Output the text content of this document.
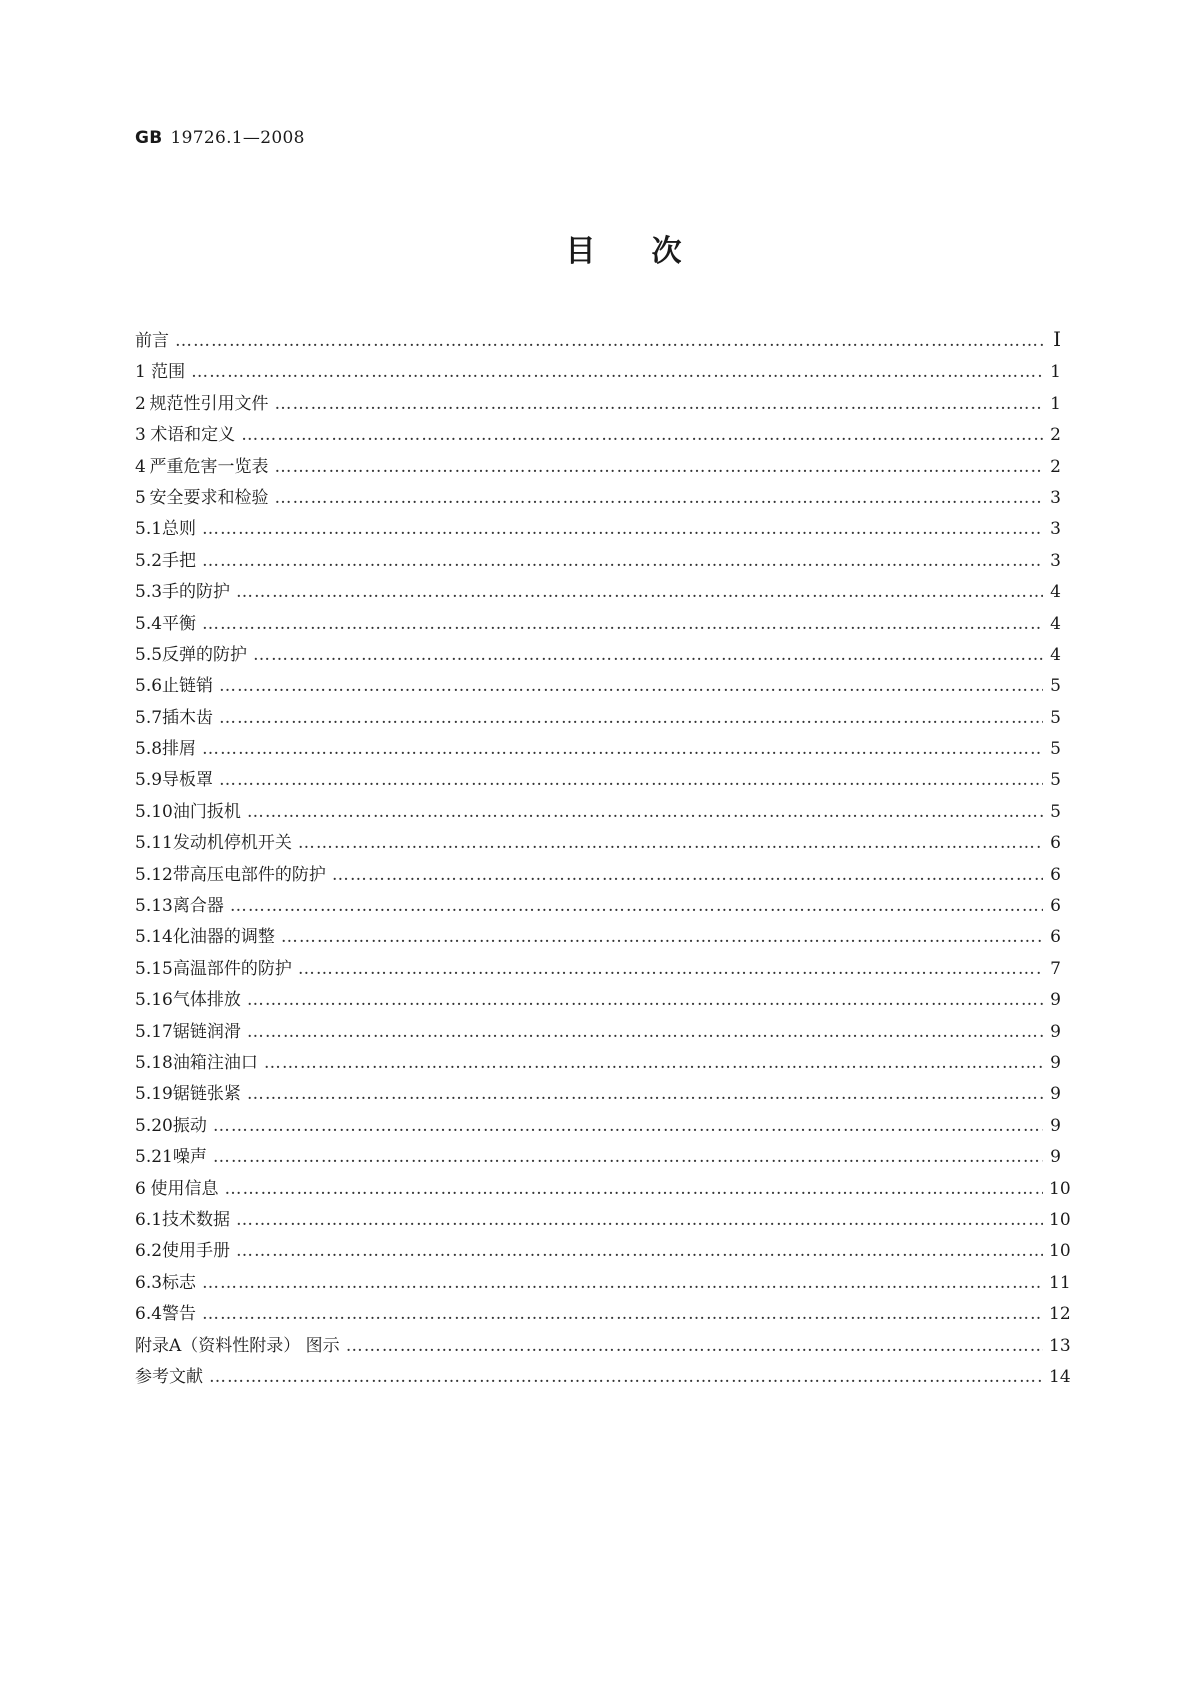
GB 19726.1—2008
目次
前言 …………………………………………………………………………………………………………………………………………………………………………………………………………………………………………	I
1 范围 …………………………………………………………………………………………………………………………………………………………………………………………………………………………………………	1
2 规范性引用文件 …………………………………………………………………………………………………………………………………………………………………………………………………………………………………………	1
3 术语和定义 …………………………………………………………………………………………………………………………………………………………………………………………………………………………………………	2
4 严重危害一览表 …………………………………………………………………………………………………………………………………………………………………………………………………………………………………………	2
5 安全要求和检验 …………………………………………………………………………………………………………………………………………………………………………………………………………………………………………	3
5.1 总则 …………………………………………………………………………………………………………………………………………………………………………………………………………………………………………	3
5.2 手把 …………………………………………………………………………………………………………………………………………………………………………………………………………………………………………	3
5.3 手的防护 …………………………………………………………………………………………………………………………………………………………………………………………………………………………………………	4
5.4 平衡 …………………………………………………………………………………………………………………………………………………………………………………………………………………………………………	4
5.5 反弹的防护 …………………………………………………………………………………………………………………………………………………………………………………………………………………………………………	4
5.6 止链销 …………………………………………………………………………………………………………………………………………………………………………………………………………………………………………	5
5.7 插木齿 …………………………………………………………………………………………………………………………………………………………………………………………………………………………………………	5
5.8 排屑 …………………………………………………………………………………………………………………………………………………………………………………………………………………………………………	5
5.9 导板罩 …………………………………………………………………………………………………………………………………………………………………………………………………………………………………………	5
5.10 油门扳机 …………………………………………………………………………………………………………………………………………………………………………………………………………………………………………	5
5.11 发动机停机开关 …………………………………………………………………………………………………………………………………………………………………………………………………………………………………………	6
5.12 带高压电部件的防护 …………………………………………………………………………………………………………………………………………………………………………………………………………………………………………	6
5.13 离合器 …………………………………………………………………………………………………………………………………………………………………………………………………………………………………………	6
5.14 化油器的调整 …………………………………………………………………………………………………………………………………………………………………………………………………………………………………………	6
5.15 高温部件的防护 …………………………………………………………………………………………………………………………………………………………………………………………………………………………………………	7
5.16 气体排放 …………………………………………………………………………………………………………………………………………………………………………………………………………………………………………	9
5.17 锯链润滑 …………………………………………………………………………………………………………………………………………………………………………………………………………………………………………	9
5.18 油箱注油口 …………………………………………………………………………………………………………………………………………………………………………………………………………………………………………	9
5.19 锯链张紧 …………………………………………………………………………………………………………………………………………………………………………………………………………………………………………	9
5.20 振动 …………………………………………………………………………………………………………………………………………………………………………………………………………………………………………	9
5.21 噪声 …………………………………………………………………………………………………………………………………………………………………………………………………………………………………………	9
6 使用信息 …………………………………………………………………………………………………………………………………………………………………………………………………………………………………………	10
6.1 技术数据 …………………………………………………………………………………………………………………………………………………………………………………………………………………………………………	10
6.2 使用手册 …………………………………………………………………………………………………………………………………………………………………………………………………………………………………………	10
6.3 标志 …………………………………………………………………………………………………………………………………………………………………………………………………………………………………………	11
6.4 警告 …………………………………………………………………………………………………………………………………………………………………………………………………………………………………………	12
附录A（资料性附录） 图示 …………………………………………………………………………………………………………………………………………………………………………………………………………………………………………	13
参考文献 …………………………………………………………………………………………………………………………………………………………………………………………………………………………………………	14
